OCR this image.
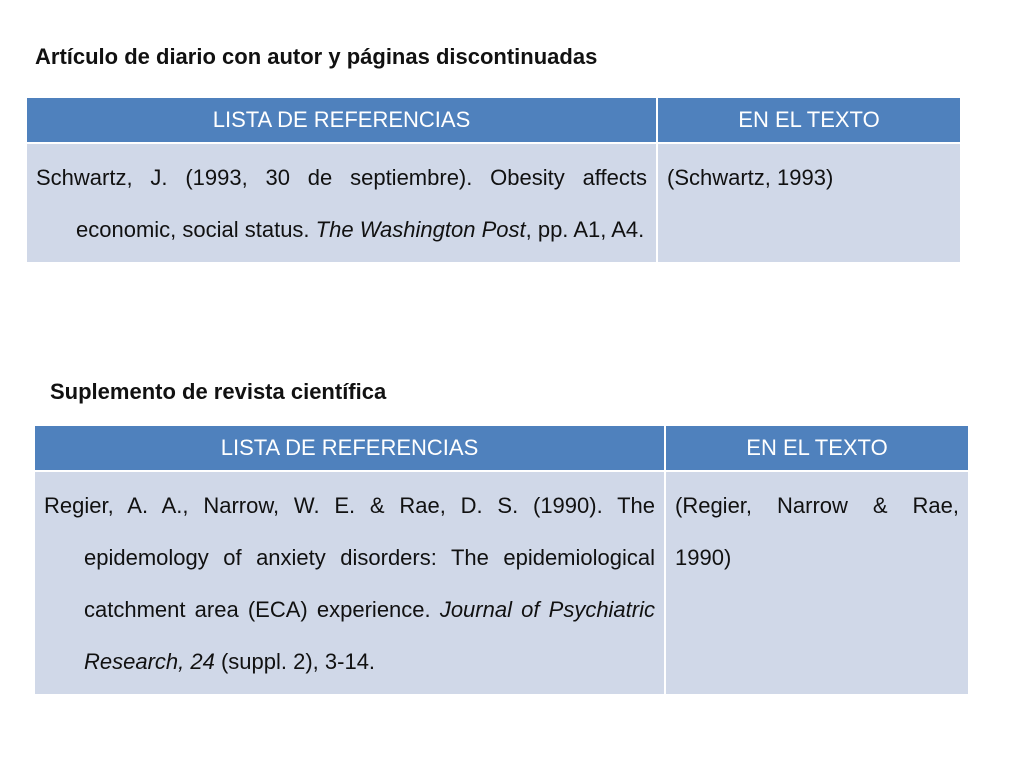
Artículo de diario con autor y páginas discontinuadas
LISTA DE REFERENCIAS	EN EL TEXTO
Schwartz, J. (1993, 30 de septiembre). Obesity affects economic, social status. The Washington Post, pp. A1, A4.	(Schwartz, 1993)
Suplemento de revista científica
LISTA DE REFERENCIAS	EN EL TEXTO
Regier, A. A., Narrow, W. E. & Rae, D. S. (1990). The epidemology of anxiety disorders: The epidemiological catchment area (ECA) experience. Journal of Psychiatric Research, 24 (suppl. 2), 3-14.	(Regier, Narrow & Rae, 1990)
